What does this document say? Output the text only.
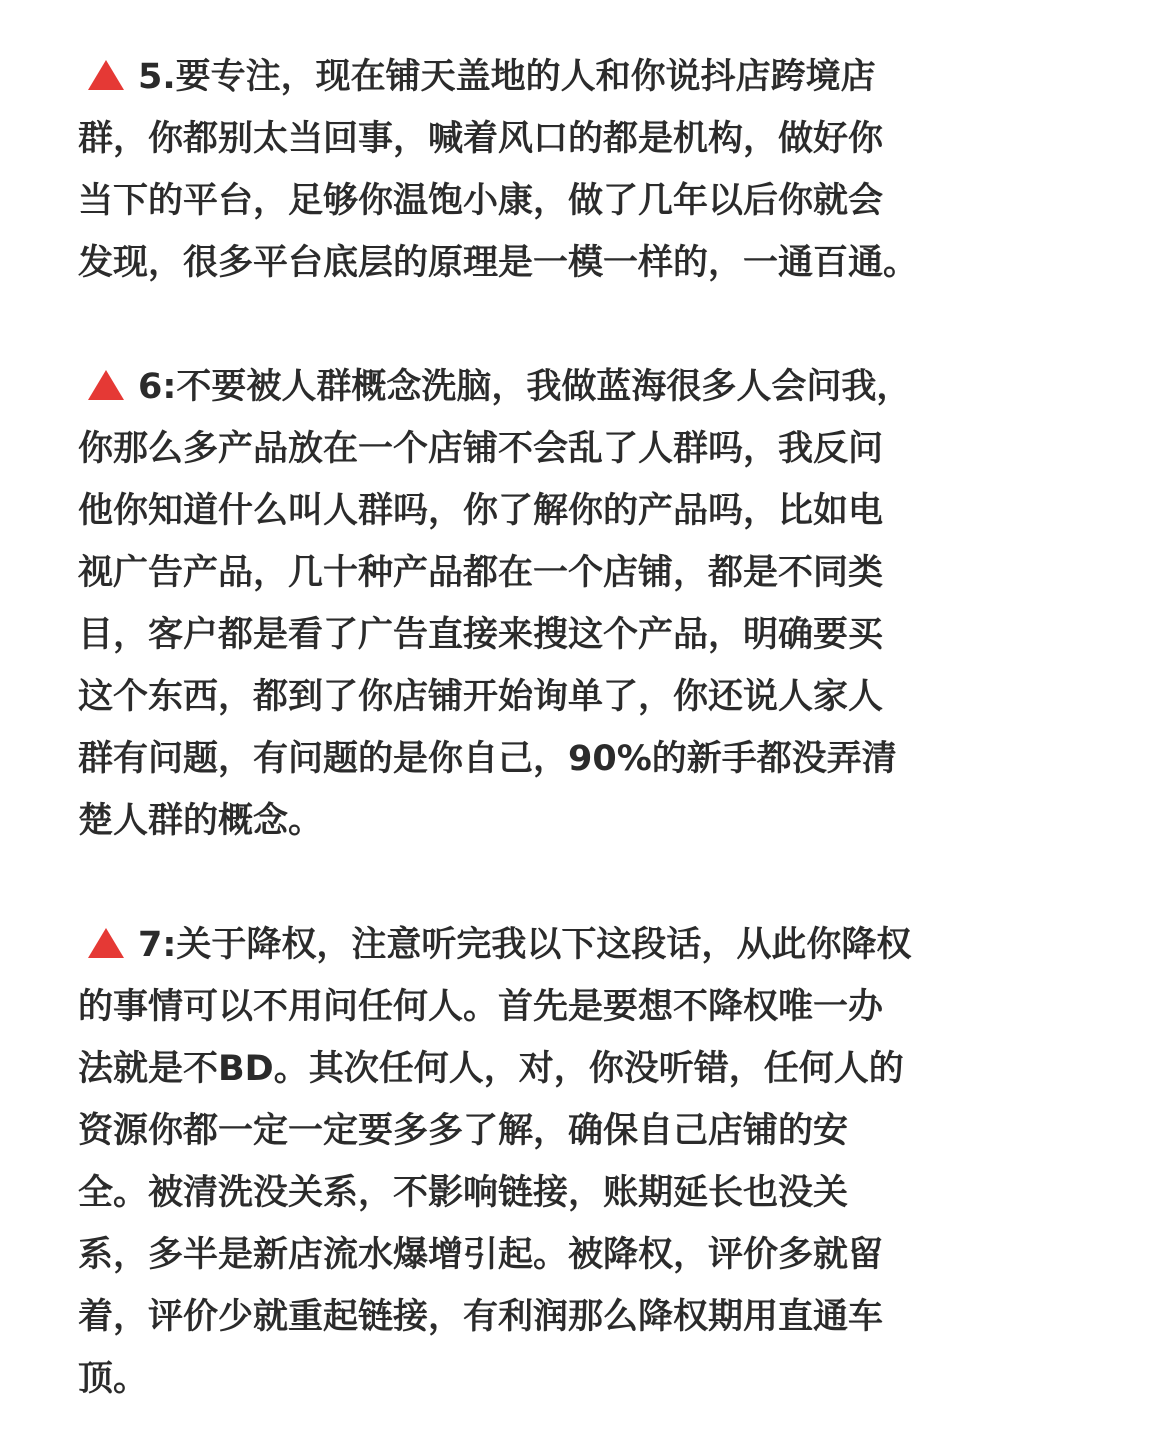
5.要专注，现在铺天盖地的人和你说抖店跨境店
群，你都别太当回事，喊着风口的都是机构，做好你
当下的平台，足够你温饱小康，做了几年以后你就会
发现，很多平台底层的原理是一模一样的，一通百通。
6:不要被人群概念洗脑，我做蓝海很多人会问我，
你那么多产品放在一个店铺不会乱了人群吗，我反问
他你知道什么叫人群吗，你了解你的产品吗，比如电
视广告产品，几十种产品都在一个店铺，都是不同类
目，客户都是看了广告直接来搜这个产品，明确要买
这个东西，都到了你店铺开始询单了，你还说人家人
群有问题，有问题的是你自己，90%的新手都没弄清
楚人群的概念。
7:关于降权，注意听完我以下这段话，从此你降权
的事情可以不用问任何人。首先是要想不降权唯一办
法就是不BD。其次任何人，对，你没听错，任何人的
资源你都一定一定要多多了解，确保自己店铺的安
全。被清洗没关系，不影响链接，账期延长也没关
系，多半是新店流水爆增引起。被降权，评价多就留
着，评价少就重起链接，有利润那么降权期用直通车
顶。
